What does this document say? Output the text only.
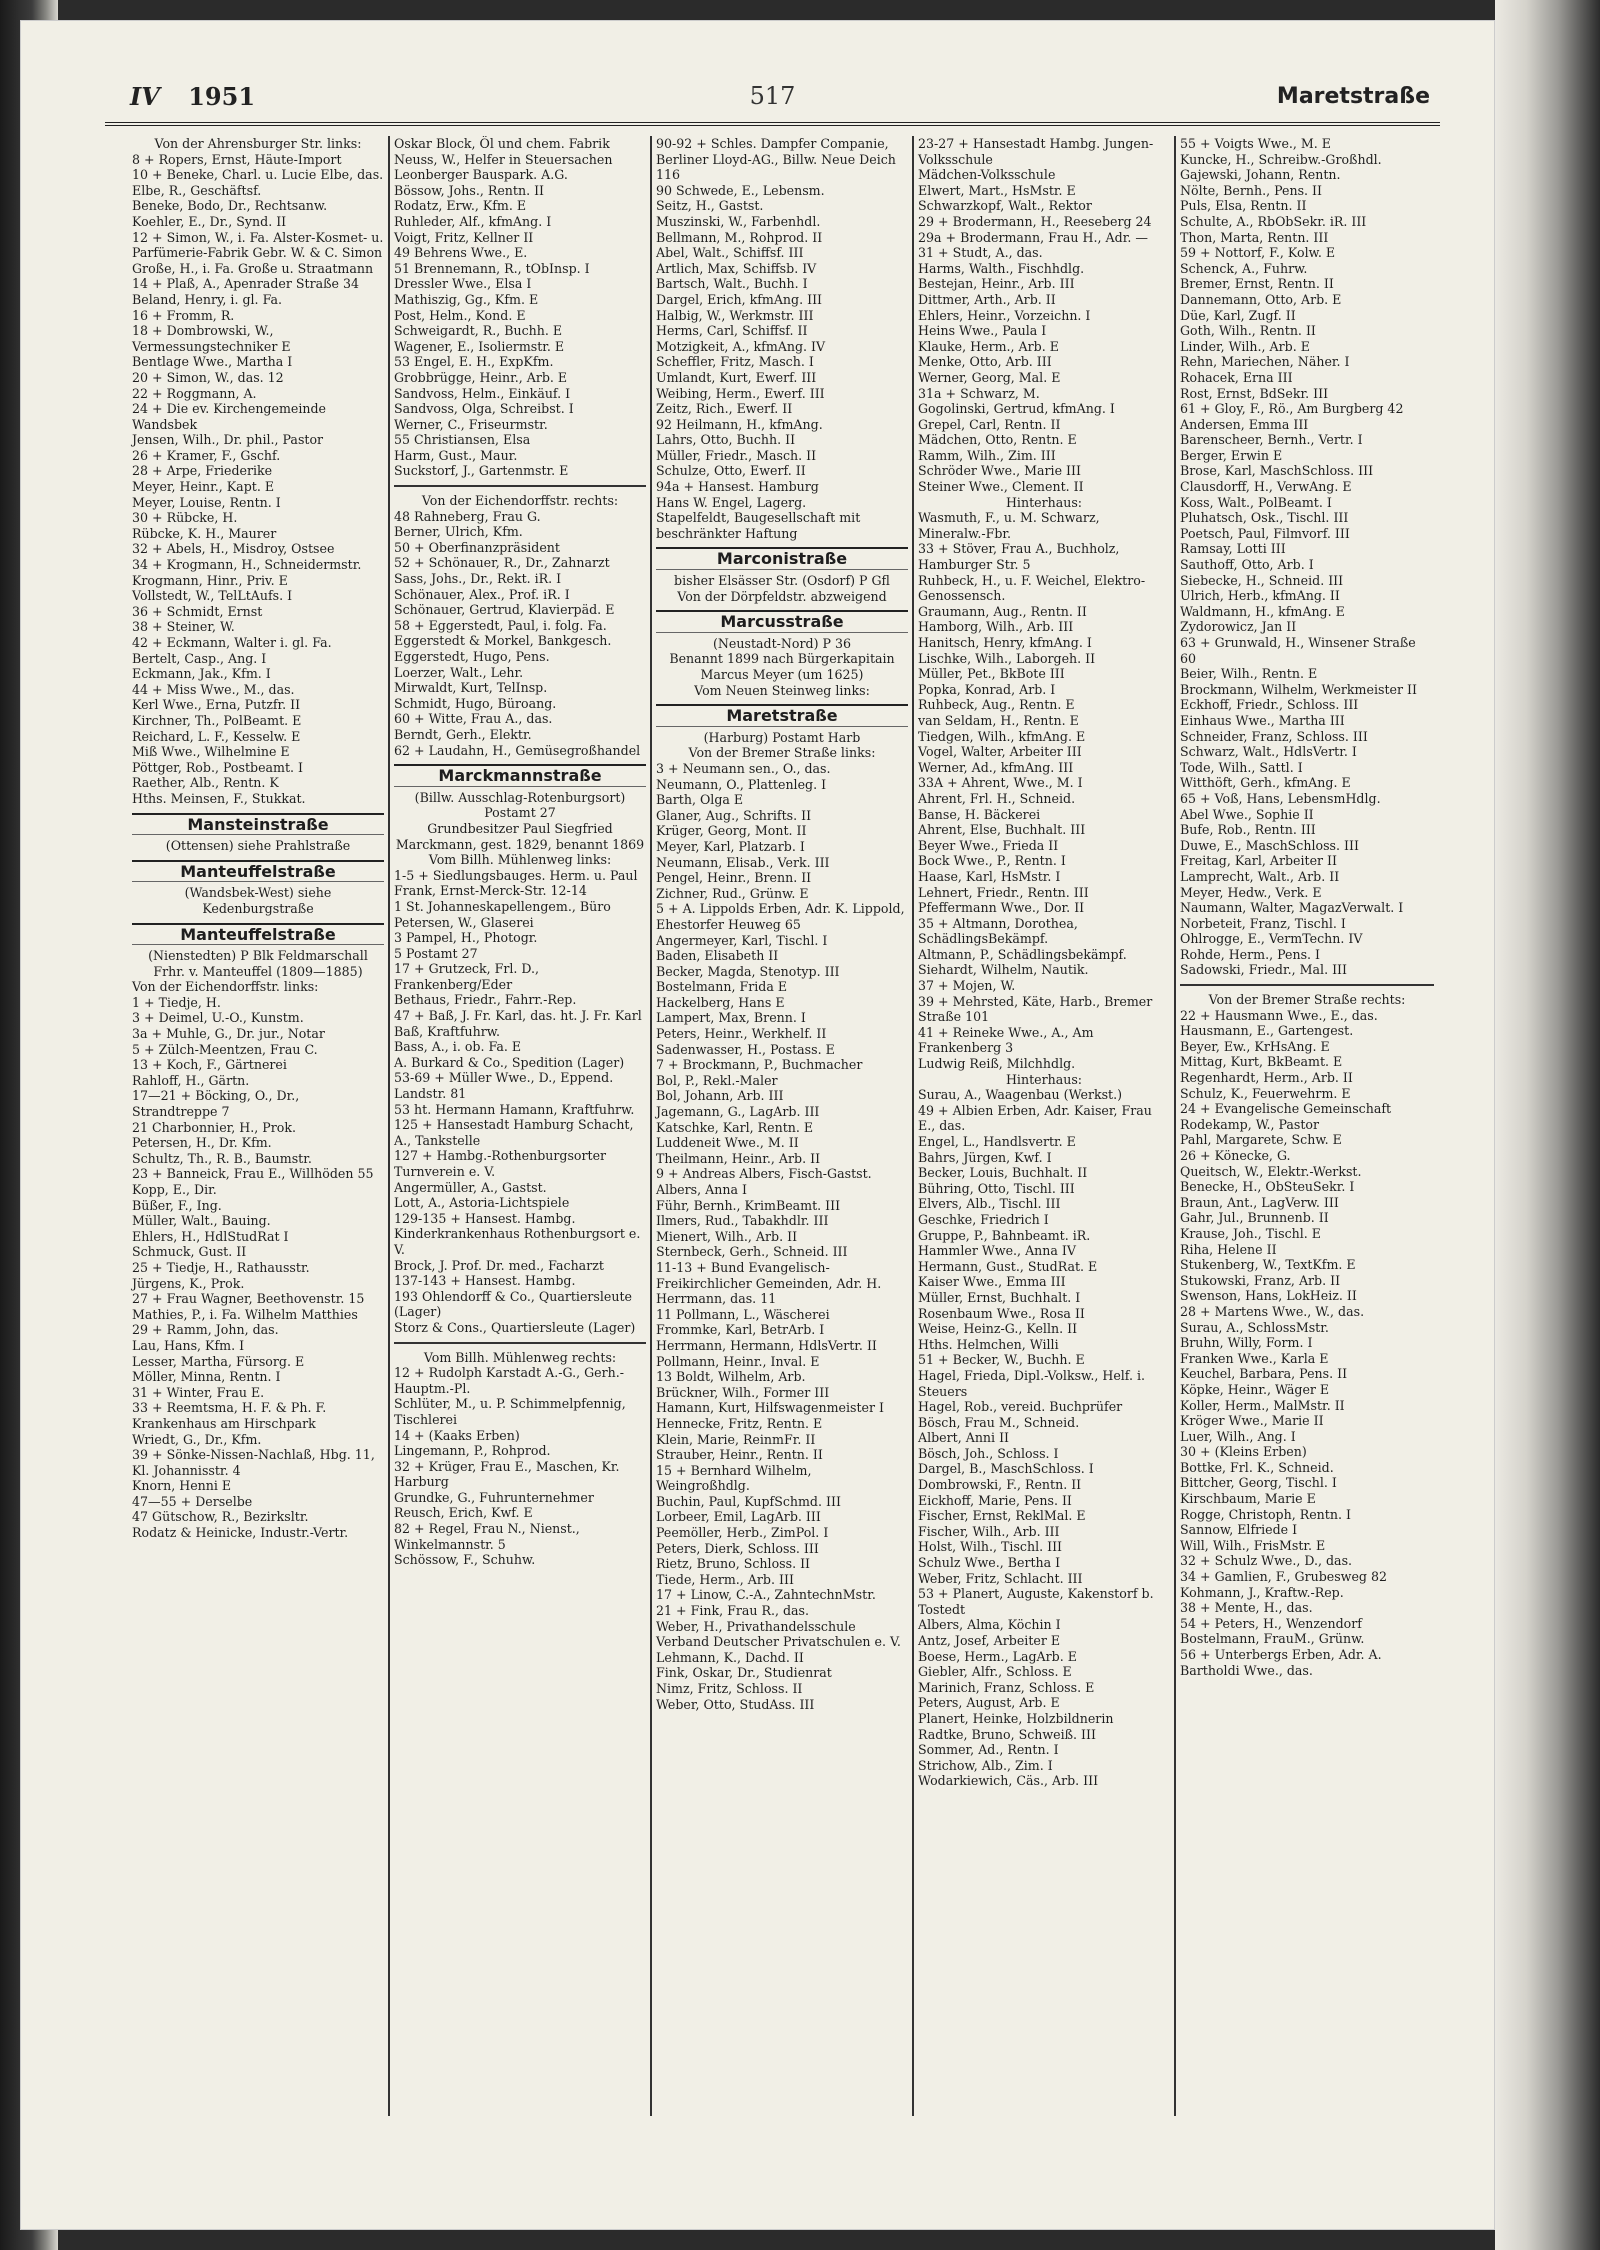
IV 1951	517	Maretstraße
Von der Ahrensburger Str. links:
8 + Ropers, Ernst, Häute-Import
10 + Beneke, Charl. u. Lucie Elbe, das.
Elbe, R., Geschäftsf.
Beneke, Bodo, Dr., Rechtsanw.
Koehler, E., Dr., Synd. II
12 + Simon, W., i. Fa. Alster-Kosmet- u. Parfümerie-Fabrik Gebr. W. & C. Simon
Große, H., i. Fa. Große u. Straatmann
14 + Plaß, A., Apenrader Straße 34
Beland, Henry, i. gl. Fa.
16 + Fromm, R.
18 + Dombrowski, W., Vermessungstechniker E
Bentlage Wwe., Martha I
20 + Simon, W., das. 12
22 + Roggmann, A.
24 + Die ev. Kirchengemeinde Wandsbek
Jensen, Wilh., Dr. phil., Pastor
26 + Kramer, F., Gschf.
28 + Arpe, Friederike
Meyer, Heinr., Kapt. E
Meyer, Louise, Rentn. I
30 + Rübcke, H.
Rübcke, K. H., Maurer
32 + Abels, H., Misdroy, Ostsee
34 + Krogmann, H., Schneidermstr.
Krogmann, Hinr., Priv. E
Vollstedt, W., TelLtAufs. I
36 + Schmidt, Ernst
38 + Steiner, W.
42 + Eckmann, Walter i. gl. Fa.
Bertelt, Casp., Ang. I
Eckmann, Jak., Kfm. I
44 + Miss Wwe., M., das.
Kerl Wwe., Erna, Putzfr. II
Kirchner, Th., PolBeamt. E
Reichard, L. F., Kesselw. E
Miß Wwe., Wilhelmine E
Pöttger, Rob., Postbeamt. I
Raether, Alb., Rentn. K
Hths. Meinsen, F., Stukkat.
Mansteinstraße
(Ottensen) siehe Prahlstraße
Manteuffelstraße
(Wandsbek-West) siehe Kedenburgstraße
Manteuffelstraße
(Nienstedten) P Blk Feldmarschall Frhr. v. Manteuffel (1809—1885)
Von der Eichendorffstr. links:
1 + Tiedje, H.
3 + Deimel, U.-O., Kunstm.
3a + Muhle, G., Dr. jur., Notar
5 + Zülch-Meentzen, Frau C.
13 + Koch, F., Gärtnerei
Rahloff, H., Gärtn.
17—21 + Böcking, O., Dr., Strandtreppe 7
21 Charbonnier, H., Prok.
Petersen, H., Dr. Kfm.
Schultz, Th., R. B., Baumstr.
23 + Banneick, Frau E., Willhöden 55
Kopp, E., Dir.
Büßer, F., Ing.
Müller, Walt., Bauing.
Ehlers, H., HdlStudRat I
Schmuck, Gust. II
25 + Tiedje, H., Rathausstr.
Jürgens, K., Prok.
27 + Frau Wagner, Beethovenstr. 15
Mathies, P., i. Fa. Wilhelm Matthies
29 + Ramm, John, das.
Lau, Hans, Kfm. I
Lesser, Martha, Fürsorg. E
Möller, Minna, Rentn. I
31 + Winter, Frau E.
33 + Reemtsma, H. F. & Ph. F. Krankenhaus am Hirschpark
Wriedt, G., Dr., Kfm.
39 + Sönke-Nissen-Nachlaß, Hbg. 11, Kl. Johannisstr. 4
Knorn, Henni E
47—55 + Derselbe
47 Gütschow, R., Bezirksltr.
Rodatz & Heinicke, Industr.-Vertr.
Oskar Block, Öl und chem. Fabrik
Neuss, W., Helfer in Steuersachen
Leonberger Bauspark. A.G.
Bössow, Johs., Rentn. II
Rodatz, Erw., Kfm. E
Ruhleder, Alf., kfmAng. I
Voigt, Fritz, Kellner II
49 Behrens Wwe., E.
51 Brennemann, R., tObInsp. I
Dressler Wwe., Elsa I
Mathiszig, Gg., Kfm. E
Post, Helm., Kond. E
Schweigardt, R., Buchh. E
Wagener, E., Isoliermstr. E
53 Engel, E. H., ExpKfm.
Grobbrügge, Heinr., Arb. E
Sandvoss, Helm., Einkäuf. I
Sandvoss, Olga, Schreibst. I
Werner, C., Friseurmstr.
55 Christiansen, Elsa
Harm, Gust., Maur.
Suckstorf, J., Gartenmstr. E
Von der Eichendorffstr. rechts:
48 Rahneberg, Frau G.
Berner, Ulrich, Kfm.
50 + Oberfinanzpräsident
52 + Schönauer, R., Dr., Zahnarzt
Sass, Johs., Dr., Rekt. iR. I
Schönauer, Alex., Prof. iR. I
Schönauer, Gertrud, Klavierpäd. E
58 + Eggerstedt, Paul, i. folg. Fa.
Eggerstedt & Morkel, Bankgesch.
Eggerstedt, Hugo, Pens.
Loerzer, Walt., Lehr.
Mirwaldt, Kurt, TelInsp.
Schmidt, Hugo, Büroang.
60 + Witte, Frau A., das.
Berndt, Gerh., Elektr.
62 + Laudahn, H., Gemüsegroßhandel
Marckmannstraße
(Billw. Ausschlag-Rotenburgsort) Postamt 27
Grundbesitzer Paul Siegfried Marckmann, gest. 1829, benannt 1869
Vom Billh. Mühlenweg links:
1-5 + Siedlungsbauges. Herm. u. Paul Frank, Ernst-Merck-Str. 12-14
1 St. Johanneskapellengem., Büro
Petersen, W., Glaserei
3 Pampel, H., Photogr.
5 Postamt 27
17 + Grutzeck, Frl. D., Frankenberg/Eder
Bethaus, Friedr., Fahrr.-Rep.
47 + Baß, J. Fr. Karl, das. ht. J. Fr. Karl Baß, Kraftfuhrw.
Bass, A., i. ob. Fa. E
A. Burkard & Co., Spedition (Lager)
53-69 + Müller Wwe., D., Eppend. Landstr. 81
53 ht. Hermann Hamann, Kraftfuhrw.
125 + Hansestadt Hamburg Schacht, A., Tankstelle
127 + Hambg.-Rothenburgsorter Turnverein e. V.
Angermüller, A., Gastst.
Lott, A., Astoria-Lichtspiele
129-135 + Hansest. Hambg. Kinderkrankenhaus Rothenburgsort e. V.
Brock, J. Prof. Dr. med., Facharzt
137-143 + Hansest. Hambg.
193 Ohlendorff & Co., Quartiersleute (Lager)
Storz & Cons., Quartiersleute (Lager)
Vom Billh. Mühlenweg rechts:
12 + Rudolph Karstadt A.-G., Gerh.-Hauptm.-Pl.
Schlüter, M., u. P. Schimmelpfennig, Tischlerei
14 + (Kaaks Erben)
Lingemann, P., Rohprod.
32 + Krüger, Frau E., Maschen, Kr. Harburg
Grundke, G., Fuhrunternehmer
Reusch, Erich, Kwf. E
82 + Regel, Frau N., Nienst., Winkelmannstr. 5
Schössow, F., Schuhw.
90-92 + Schles. Dampfer Companie, Berliner Lloyd-AG., Billw. Neue Deich 116
90 Schwede, E., Lebensm.
Seitz, H., Gastst.
Muszinski, W., Farbenhdl.
Bellmann, M., Rohprod. II
Abel, Walt., Schiffsf. III
Artlich, Max, Schiffsb. IV
Bartsch, Walt., Buchh. I
Dargel, Erich, kfmAng. III
Halbig, W., Werkmstr. III
Herms, Carl, Schiffsf. II
Motzigkeit, A., kfmAng. IV
Scheffler, Fritz, Masch. I
Umlandt, Kurt, Ewerf. III
Weibing, Herm., Ewerf. III
Zeitz, Rich., Ewerf. II
92 Heilmann, H., kfmAng.
Lahrs, Otto, Buchh. II
Müller, Friedr., Masch. II
Schulze, Otto, Ewerf. II
94a + Hansest. Hamburg
Hans W. Engel, Lagerg.
Stapelfeldt, Baugesellschaft mit beschränkter Haftung
Marconistraße
bisher Elsässer Str. (Osdorf) P Gfl
Von der Dörpfeldstr. abzweigend
Marcusstraße
(Neustadt-Nord) P 36
Benannt 1899 nach Bürgerkapitain
Marcus Meyer (um 1625)
Vom Neuen Steinweg links:
Maretstraße
(Harburg) Postamt Harb
Von der Bremer Straße links:
3 + Neumann sen., O., das.
Neumann, O., Plattenleg. I
Barth, Olga E
Glaner, Aug., Schrifts. II
Krüger, Georg, Mont. II
Meyer, Karl, Platzarb. I
Neumann, Elisab., Verk. III
Pengel, Heinr., Brenn. II
Zichner, Rud., Grünw. E
5 + A. Lippolds Erben, Adr. K. Lippold, Ehestorfer Heuweg 65
Angermeyer, Karl, Tischl. I
Baden, Elisabeth II
Becker, Magda, Stenotyp. III
Bostelmann, Frida E
Hackelberg, Hans E
Lampert, Max, Brenn. I
Peters, Heinr., Werkhelf. II
Sadenwasser, H., Postass. E
7 + Brockmann, P., Buchmacher
Bol, P., Rekl.-Maler
Bol, Johann, Arb. III
Jagemann, G., LagArb. III
Katschke, Karl, Rentn. E
Luddeneit Wwe., M. II
Theilmann, Heinr., Arb. II
9 + Andreas Albers, Fisch-Gastst.
Albers, Anna I
Führ, Bernh., KrimBeamt. III
Ilmers, Rud., Tabakhdlr. III
Mienert, Wilh., Arb. II
Sternbeck, Gerh., Schneid. III
11-13 + Bund Evangelisch-Freikirchlicher Gemeinden, Adr. H. Herrmann, das. 11
11 Pollmann, L., Wäscherei
Frommke, Karl, BetrArb. I
Herrmann, Hermann, HdlsVertr. II
Pollmann, Heinr., Inval. E
13 Boldt, Wilhelm, Arb.
Brückner, Wilh., Former III
Hamann, Kurt, Hilfswagenmeister I
Hennecke, Fritz, Rentn. E
Klein, Marie, ReinmFr. II
Strauber, Heinr., Rentn. II
15 + Bernhard Wilhelm, Weingroßhdlg.
Buchin, Paul, KupfSchmd. III
Lorbeer, Emil, LagArb. III
Peemöller, Herb., ZimPol. I
Peters, Dierk, Schloss. III
Rietz, Bruno, Schloss. II
Tiede, Herm., Arb. III
17 + Linow, C.-A., ZahntechnMstr.
21 + Fink, Frau R., das.
Weber, H., Privathandelsschule
Verband Deutscher Privatschulen e. V.
Lehmann, K., Dachd. II
Fink, Oskar, Dr., Studienrat
Nimz, Fritz, Schloss. II
Weber, Otto, StudAss. III
23-27 + Hansestadt Hambg. Jungen-Volksschule
Mädchen-Volksschule
Elwert, Mart., HsMstr. E
Schwarzkopf, Walt., Rektor
29 + Brodermann, H., Reeseberg 24
29a + Brodermann, Frau H., Adr. —
31 + Studt, A., das.
Harms, Walth., Fischhdlg.
Bestejan, Heinr., Arb. III
Dittmer, Arth., Arb. II
Ehlers, Heinr., Vorzeichn. I
Heins Wwe., Paula I
Klauke, Herm., Arb. E
Menke, Otto, Arb. III
Werner, Georg, Mal. E
31a + Schwarz, M.
Gogolinski, Gertrud, kfmAng. I
Grepel, Carl, Rentn. II
Mädchen, Otto, Rentn. E
Ramm, Wilh., Zim. III
Schröder Wwe., Marie III
Steiner Wwe., Clement. II
Hinterhaus:
Wasmuth, F., u. M. Schwarz, Mineralw.-Fbr.
33 + Stöver, Frau A., Buchholz, Hamburger Str. 5
Ruhbeck, H., u. F. Weichel, Elektro-Genossensch.
Graumann, Aug., Rentn. II
Hamborg, Wilh., Arb. III
Hanitsch, Henry, kfmAng. I
Lischke, Wilh., Laborgeh. II
Müller, Pet., BkBote III
Popka, Konrad, Arb. I
Ruhbeck, Aug., Rentn. E
van Seldam, H., Rentn. E
Tiedgen, Wilh., kfmAng. E
Vogel, Walter, Arbeiter III
Werner, Ad., kfmAng. III
33A + Ahrent, Wwe., M. I
Ahrent, Frl. H., Schneid.
Banse, H. Bäckerei
Ahrent, Else, Buchhalt. III
Beyer Wwe., Frieda II
Bock Wwe., P., Rentn. I
Haase, Karl, HsMstr. I
Lehnert, Friedr., Rentn. III
Pfeffermann Wwe., Dor. II
35 + Altmann, Dorothea, SchädlingsBekämpf.
Altmann, P., Schädlingsbekämpf.
Siehardt, Wilhelm, Nautik.
37 + Mojen, W.
39 + Mehrsted, Käte, Harb., Bremer Straße 101
41 + Reineke Wwe., A., Am Frankenberg 3
Ludwig Reiß, Milchhdlg.
Hinterhaus:
Surau, A., Waagenbau (Werkst.)
49 + Albien Erben, Adr. Kaiser, Frau E., das.
Engel, L., Handlsvertr. E
Bahrs, Jürgen, Kwf. I
Becker, Louis, Buchhalt. II
Bühring, Otto, Tischl. III
Elvers, Alb., Tischl. III
Geschke, Friedrich I
Gruppe, P., Bahnbeamt. iR.
Hammler Wwe., Anna IV
Hermann, Gust., StudRat. E
Kaiser Wwe., Emma III
Müller, Ernst, Buchhalt. I
Rosenbaum Wwe., Rosa II
Weise, Heinz-G., Kelln. II
Hths. Helmchen, Willi
51 + Becker, W., Buchh. E
Hagel, Frieda, Dipl.-Volksw., Helf. i. Steuers
Hagel, Rob., vereid. Buchprüfer
Bösch, Frau M., Schneid.
Albert, Anni II
Bösch, Joh., Schloss. I
Dargel, B., MaschSchloss. I
Dombrowski, F., Rentn. II
Eickhoff, Marie, Pens. II
Fischer, Ernst, ReklMal. E
Fischer, Wilh., Arb. III
Holst, Wilh., Tischl. III
Schulz Wwe., Bertha I
Weber, Fritz, Schlacht. III
53 + Planert, Auguste, Kakenstorf b. Tostedt
Albers, Alma, Köchin I
Antz, Josef, Arbeiter E
Boese, Herm., LagArb. E
Giebler, Alfr., Schloss. E
Marinich, Franz, Schloss. E
Peters, August, Arb. E
Planert, Heinke, Holzbildnerin
Radtke, Bruno, Schweiß. III
Sommer, Ad., Rentn. I
Strichow, Alb., Zim. I
Wodarkiewich, Cäs., Arb. III
55 + Voigts Wwe., M. E
Kuncke, H., Schreibw.-Großhdl.
Gajewski, Johann, Rentn.
Nölte, Bernh., Pens. II
Puls, Elsa, Rentn. II
Schulte, A., RbObSekr. iR. III
Thon, Marta, Rentn. III
59 + Nottorf, F., Kolw. E
Schenck, A., Fuhrw.
Bremer, Ernst, Rentn. II
Dannemann, Otto, Arb. E
Düe, Karl, Zugf. II
Goth, Wilh., Rentn. II
Linder, Wilh., Arb. E
Rehn, Mariechen, Näher. I
Rohacek, Erna III
Rost, Ernst, BdSekr. III
61 + Gloy, F., Rö., Am Burgberg 42
Andersen, Emma III
Barenscheer, Bernh., Vertr. I
Berger, Erwin E
Brose, Karl, MaschSchloss. III
Clausdorff, H., VerwAng. E
Koss, Walt., PolBeamt. I
Pluhatsch, Osk., Tischl. III
Poetsch, Paul, Filmvorf. III
Ramsay, Lotti III
Sauthoff, Otto, Arb. I
Siebecke, H., Schneid. III
Ulrich, Herb., kfmAng. II
Waldmann, H., kfmAng. E
Zydorowicz, Jan II
63 + Grunwald, H., Winsener Straße 60
Beier, Wilh., Rentn. E
Brockmann, Wilhelm, Werkmeister II
Eckhoff, Friedr., Schloss. III
Einhaus Wwe., Martha III
Schneider, Franz, Schloss. III
Schwarz, Walt., HdlsVertr. I
Tode, Wilh., Sattl. I
Witthöft, Gerh., kfmAng. E
65 + Voß, Hans, LebensmHdlg.
Abel Wwe., Sophie II
Bufe, Rob., Rentn. III
Duwe, E., MaschSchloss. III
Freitag, Karl, Arbeiter II
Lamprecht, Walt., Arb. II
Meyer, Hedw., Verk. E
Naumann, Walter, MagazVerwalt. I
Norbeteit, Franz, Tischl. I
Ohlrogge, E., VermTechn. IV
Rohde, Herm., Pens. I
Sadowski, Friedr., Mal. III
Von der Bremer Straße rechts:
22 + Hausmann Wwe., E., das.
Hausmann, E., Gartengest.
Beyer, Ew., KrHsAng. E
Mittag, Kurt, BkBeamt. E
Regenhardt, Herm., Arb. II
Schulz, K., Feuerwehrm. E
24 + Evangelische Gemeinschaft
Rodekamp, W., Pastor
Pahl, Margarete, Schw. E
26 + Könecke, G.
Queitsch, W., Elektr.-Werkst.
Benecke, H., ObSteuSekr. I
Braun, Ant., LagVerw. III
Gahr, Jul., Brunnenb. II
Krause, Joh., Tischl. E
Riha, Helene II
Stukenberg, W., TextKfm. E
Stukowski, Franz, Arb. II
Swenson, Hans, LokHeiz. II
28 + Martens Wwe., W., das.
Surau, A., SchlossMstr.
Bruhn, Willy, Form. I
Franken Wwe., Karla E
Keuchel, Barbara, Pens. II
Köpke, Heinr., Wäger E
Koller, Herm., MalMstr. II
Kröger Wwe., Marie II
Luer, Wilh., Ang. I
30 + (Kleins Erben)
Bottke, Frl. K., Schneid.
Bittcher, Georg, Tischl. I
Kirschbaum, Marie E
Rogge, Christoph, Rentn. I
Sannow, Elfriede I
Will, Wilh., FrisMstr. E
32 + Schulz Wwe., D., das.
34 + Gamlien, F., Grubesweg 82
Kohmann, J., Kraftw.-Rep.
38 + Mente, H., das.
54 + Peters, H., Wenzendorf
Bostelmann, FrauM., Grünw.
56 + Unterbergs Erben, Adr. A. Bartholdi Wwe., das.
